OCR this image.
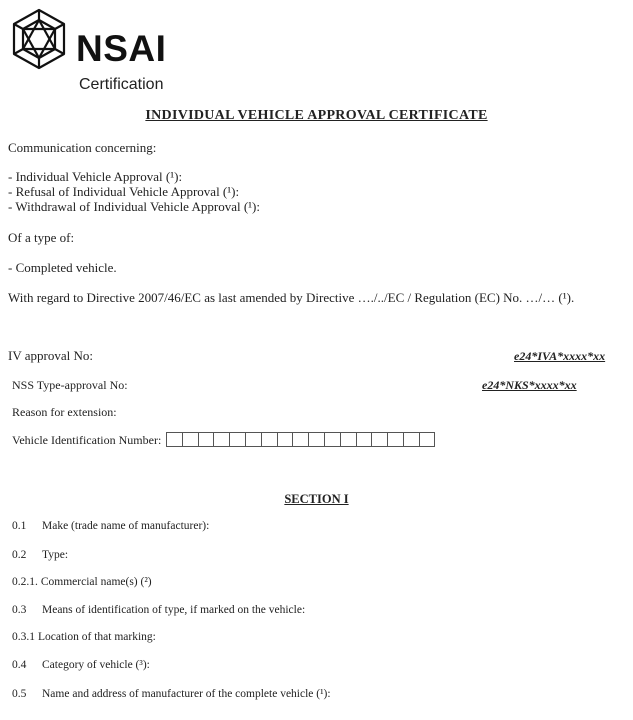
NSAI
Certification
INDIVIDUAL VEHICLE APPROVAL CERTIFICATE
Communication concerning:
- Individual Vehicle Approval (¹):
- Refusal of Individual Vehicle Approval (¹):
- Withdrawal of Individual Vehicle Approval (¹):
Of a type of:
- Completed vehicle.
With regard to Directive 2007/46/EC as last amended by Directive …./../EC / Regulation (EC) No. …/… (¹).
IV approval No:	e24*IVA*xxxx*xx
NSS Type-approval No:	e24*NKS*xxxx*xx
Reason for extension:
Vehicle Identification Number:
SECTION I
0.1 Make (trade name of manufacturer):
0.2 Type:
0.2.1. Commercial name(s) (²)
0.3 Means of identification of type, if marked on the vehicle:
0.3.1 Location of that marking:
0.4 Category of vehicle (³):
0.5 Name and address of manufacturer of the complete vehicle (¹):
